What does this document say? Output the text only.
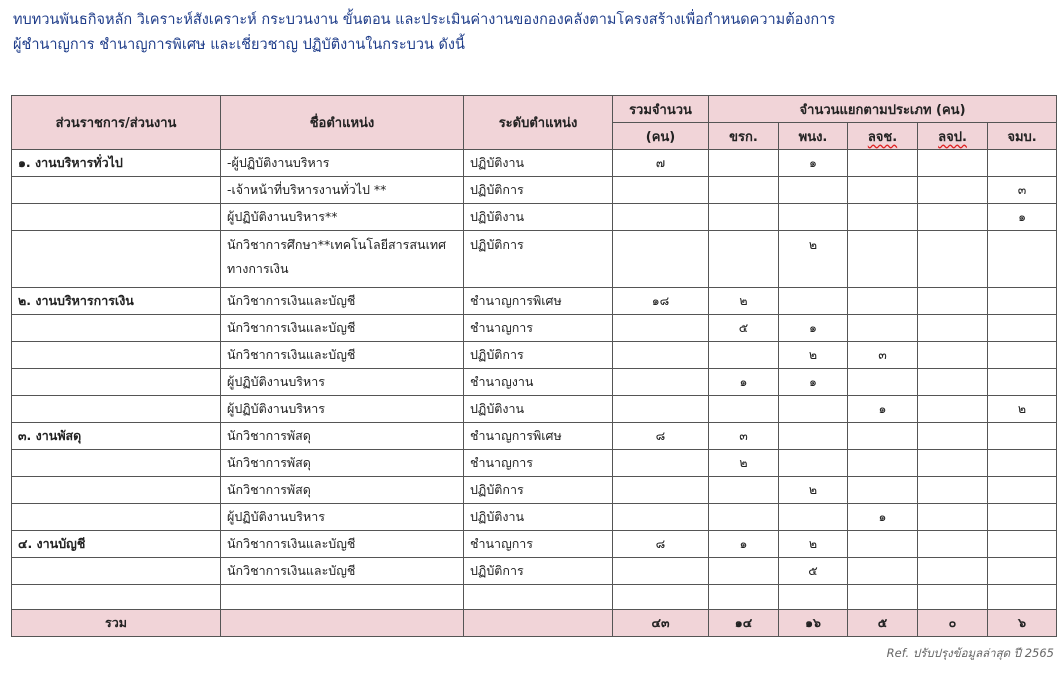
ทบทวนพันธกิจหลัก วิเคราะห์สังเคราะห์ กระบวนงาน ขั้นตอน และประเมินค่างานของกองคลังตามโครงสร้างเพื่อกำหนดความต้องการ
ผู้ชำนาญการ ชำนาญการพิเศษ และเชี่ยวชาญ ปฏิบัติงานในกระบวน ดังนี้
ส่วนราชการ/ส่วนงาน	ชื่อตำแหน่ง	ระดับตำแหน่ง	รวมจำนวน	จำนวนแยกตามประเภท (คน)				
			(คน)	ขรก.	พนง.	ลจช.	ลจป.	จมบ.
๑. งานบริหารทั่วไป	-ผู้ปฏิบัติงานบริหาร	ปฏิบัติงาน	๗		๑			
	-เจ้าหน้าที่บริหารงานทั่วไป **	ปฏิบัติการ						๓
	ผู้ปฏิบัติงานบริหาร**	ปฏิบัติงาน						๑
	นักวิชาการศึกษา**เทคโนโลยีสารสนเทศทางการเงิน	ปฏิบัติการ			๒			
๒. งานบริหารการเงิน	นักวิชาการเงินและบัญชี	ชำนาญการพิเศษ	๑๘	๒				
	นักวิชาการเงินและบัญชี	ชำนาญการ		๕	๑			
	นักวิชาการเงินและบัญชี	ปฏิบัติการ			๒	๓		
	ผู้ปฏิบัติงานบริหาร	ชำนาญงาน		๑	๑			
	ผู้ปฏิบัติงานบริหาร	ปฏิบัติงาน				๑		๒
๓. งานพัสดุ	นักวิชาการพัสดุ	ชำนาญการพิเศษ	๘	๓				
	นักวิชาการพัสดุ	ชำนาญการ		๒				
	นักวิชาการพัสดุ	ปฏิบัติการ			๒			
	ผู้ปฏิบัติงานบริหาร	ปฏิบัติงาน				๑		
๔. งานบัญชี	นักวิชาการเงินและบัญชี	ชำนาญการ	๘	๑	๒			
	นักวิชาการเงินและบัญชี	ปฏิบัติการ			๕			

รวม			๔๓	๑๔	๑๖	๕	๐	๖
Ref. ปรับปรุงข้อมูลล่าสุด ปี 2565
